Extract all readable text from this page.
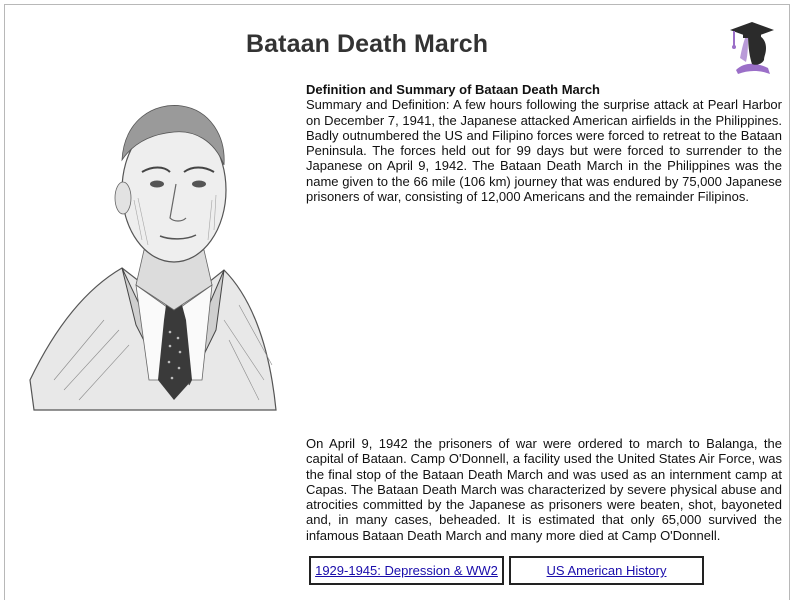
Bataan Death March
Definition and Summary of Bataan Death March
Summary and Definition: A few hours following the surprise attack at Pearl Harbor on December 7, 1941, the Japanese attacked American airfields in the Philippines. Badly outnumbered the US and Filipino forces were forced to retreat to the Bataan Peninsula. The forces held out for 99 days but were forced to surrender to the Japanese on April 9, 1942. The Bataan Death March in the Philippines was the name given to the 66 mile (106 km) journey that was endured by 75,000 Japanese prisoners of war, consisting of 12,000 Americans and the remainder Filipinos.
On April 9, 1942 the prisoners of war were ordered to march to Balanga, the capital of Bataan. Camp O'Donnell, a facility used the United States Air Force, was the final stop of the Bataan Death March and was used as an internment camp at Capas. The Bataan Death March was characterized by severe physical abuse and atrocities committed by the Japanese as prisoners were beaten, shot, bayoneted and, in many cases, beheaded. It is estimated that only 65,000 survived the infamous Bataan Death March and many more died at Camp O'Donnell.
1929-1945: Depression & WW2	US American History
